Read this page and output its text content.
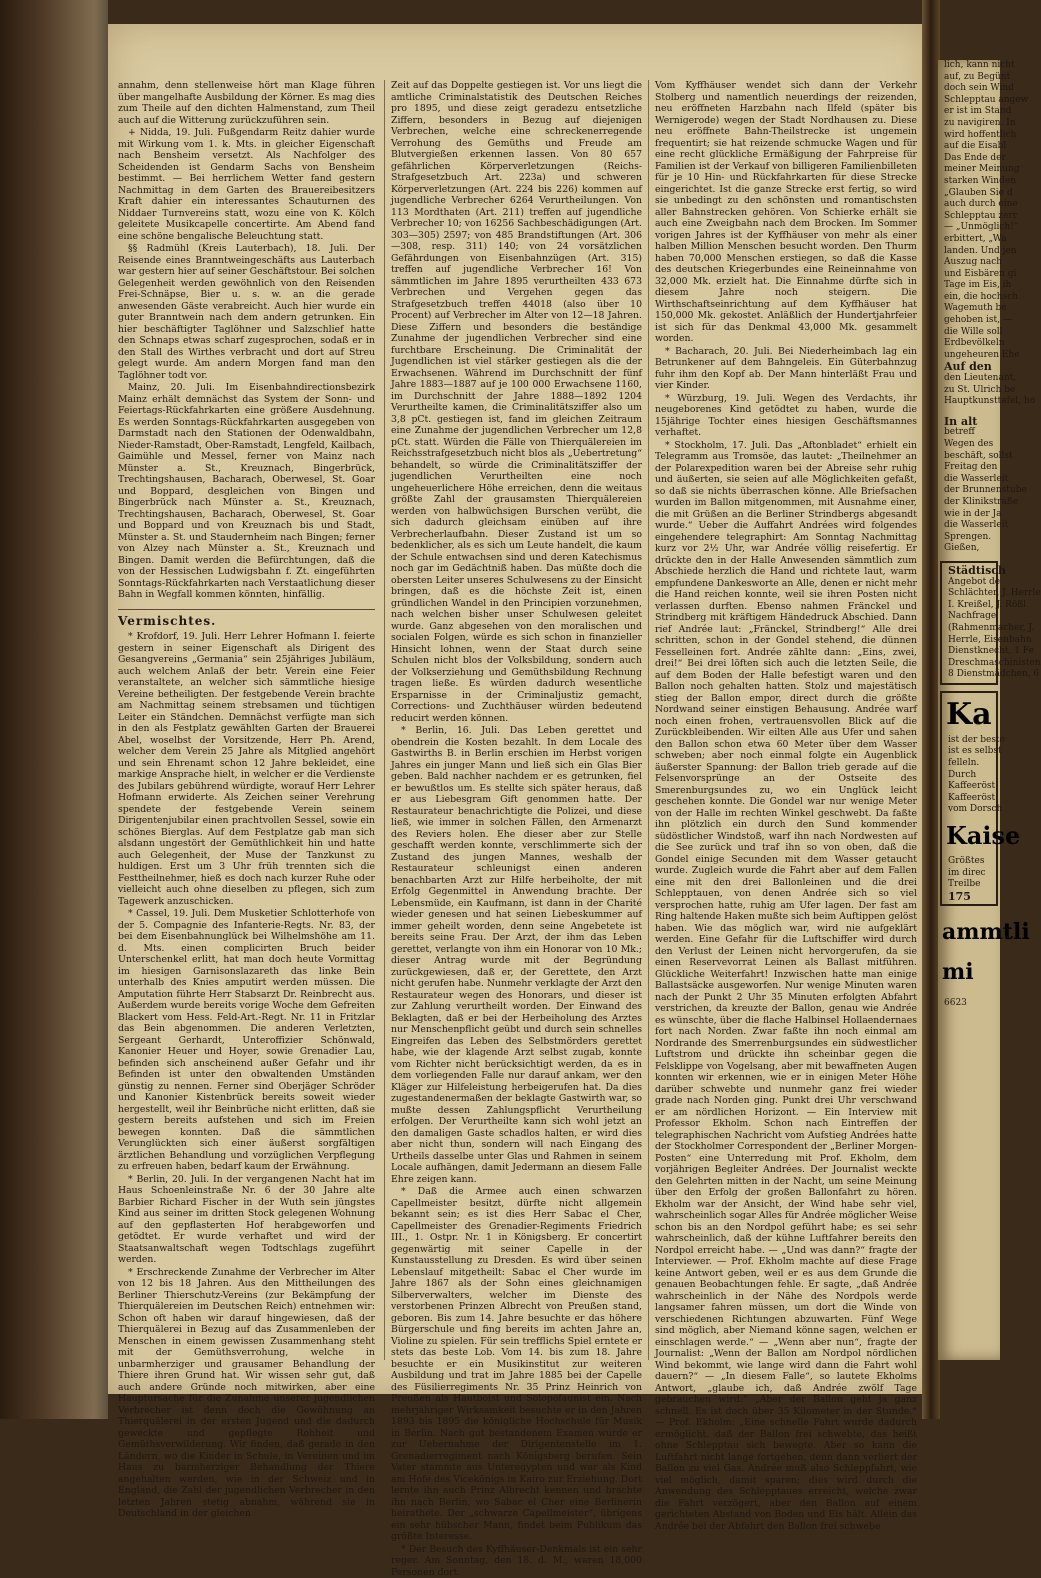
annahm, denn stellenweise hört man Klage führen über mangelhafte Ausbildung der Körner. Es mag dies zum Theile auf den dichten Halmenstand, zum Theil auch auf die Witterung zurückzuführen sein.

+ Nidda, 19. Juli. Fußgendarm Reitz dahier wurde mit Wirkung vom 1. k. Mts. in gleicher Eigenschaft nach Bensheim versetzt. Als Nachfolger des Scheidenden ist Gendarm Sachs von Bensheim bestimmt. — Bei herrlichem Wetter fand gestern Nachmittag in dem Garten des Brauereibesitzers Kraft dahier ein interessantes Schauturnen des Niddaer Turnvereins statt, wozu eine von K. Kölch geleitete Musikcapelle concertirte. Am Abend fand eine schöne bengalische Beleuchtung statt.

§§ Radmühl (Kreis Lauterbach), 18. Juli. Der Reisende eines Branntweingeschäfts aus Lauterbach war gestern hier auf seiner Geschäftstour. Bei solchen Gelegenheit werden gewöhnlich von den Reisenden Frei-Schnäpse, Bier u. s. w. an die gerade anwesenden Gäste verabreicht. Auch hier wurde ein guter Branntwein nach dem andern getrunken. Ein hier beschäftigter Taglöhner und Salzschlief hatte den Schnaps etwas scharf zugesprochen, sodaß er in den Stall des Wirthes verbracht und dort auf Streu gelegt wurde. Am andern Morgen fand man den Taglöhner todt vor.

Mainz, 20. Juli. Im Eisenbahndirectionsbezirk Mainz erhält demnächst das System der Sonn- und Feiertags-Rückfahrkarten eine größere Ausdehnung. Es werden Sonntags-Rückfahrkarten ausgegeben von Darmstadt nach den Stationen der Odenwaldbahn, Nieder-Ramstadt, Ober-Ramstadt, Lengfeld, Kailbach, Gaimühle und Messel, ferner von Mainz nach Münster a. St., Kreuznach, Bingerbrück, Trechtingshausen, Bacharach, Oberwesel, St. Goar und Boppard, desgleichen von Bingen und Bingerbrück nach Münster a. St., Kreuznach, Trechtingshausen, Bacharach, Oberwesel, St. Goar und Boppard und von Kreuznach bis und Stadt, Münster a. St. und Staudernheim nach Bingen; ferner von Alzey nach Münster a. St., Kreuznach und Bingen. Damit werden die Befürchtungen, daß die von der Hessischen Ludwigsbahn f. Zt. eingeführten Sonntags-Rückfahrkarten nach Verstaatlichung dieser Bahn in Wegfall kommen könnten, hinfällig.

Vermischtes.

* Krofdorf, 19. Juli. Herr Lehrer Hofmann I. feierte gestern in seiner Eigenschaft als Dirigent des Gesangvereins „Germania“ sein 25jähriges Jubiläum, auch welchem Anlaß der betr. Verein eine Feier veranstaltete, an welcher sich sämmtliche hiesige Vereine betheiligten. Der festgebende Verein brachte am Nachmittag seinem strebsamen und tüchtigen Leiter ein Ständchen. Demnächst verfügte man sich in den als Festplatz gewählten Garten der Brauerei Abel, woselbst der Vorsitzende, Herr Ph. Arend, welcher dem Verein 25 Jahre als Mitglied angehört und sein Ehrenamt schon 12 Jahre bekleidet, eine markige Ansprache hielt, in welcher er die Verdienste des Jubilars gebührend würdigte, worauf Herr Lehrer Hofmann erwiderte. Als Zeichen seiner Verehrung spendete der festgebende Verein seinem Dirigentenjubilar einen prachtvollen Sessel, sowie ein schönes Bierglas. Auf dem Festplatze gab man sich alsdann ungestört der Gemüthlichkeit hin und hatte auch Gelegenheit, der Muse der Tanzkunst zu huldigen. Erst um 3 Uhr früh trennten sich die Festtheilnehmer, hieß es doch nach kurzer Ruhe oder vielleicht auch ohne dieselben zu pflegen, sich zum Tagewerk anzuschicken.

* Cassel, 19. Juli. Dem Musketier Schlotterhofe von der 5. Compagnie des Infanterie-Regts. Nr. 83, der bei dem Eisenbahnunglück bei Wilhelmshöhe am 11. d. Mts. einen complicirten Bruch beider Unterschenkel erlitt, hat man doch heute Vormittag im hiesigen Garnisonslazareth das linke Bein unterhalb des Knies amputirt werden müssen. Die Amputation führte Herr Stabsarzt Dr. Reinbrecht aus. Außerdem wurde bereits vorige Woche dem Gefreiten Blackert vom Hess. Feld-Art.-Regt. Nr. 11 in Fritzlar das Bein abgenommen. Die anderen Verletzten, Sergeant Gerhardt, Unteroffizier Schönwald, Kanonier Heuer und Hoyer, sowie Grenadier Lau, befinden sich anscheinend außer Gefahr und ihr Befinden ist unter den obwaltenden Umständen günstig zu nennen. Ferner sind Oberjäger Schröder und Kanonier Kistenbrück bereits soweit wieder hergestellt, weil ihr Beinbrüche nicht erlitten, daß sie gestern bereits aufstehen und sich im Freien bewegen konnten. Daß die sämmtlichen Verunglückten sich einer äußerst sorgfältigen ärztlichen Behandlung und vorzüglichen Verpflegung zu erfreuen haben, bedarf kaum der Erwähnung.

* Berlin, 20. Juli. In der vergangenen Nacht hat im Haus Schoenleinstraße Nr. 6 der 30 Jahre alte Barbier Richard Fischer in der Wuth sein jüngstes Kind aus seiner im dritten Stock gelegenen Wohnung auf den gepflasterten Hof herabgeworfen und getödtet. Er wurde verhaftet und wird der Staatsanwaltschaft wegen Todtschlags zugeführt werden.

* Erschreckende Zunahme der Verbrecher im Alter von 12 bis 18 Jahren. Aus den Mittheilungen des Berliner Thierschutz-Vereins (zur Bekämpfung der Thierquälereien im Deutschen Reich) entnehmen wir: Schon oft haben wir darauf hingewiesen, daß der Thierquälerei in Bezug auf das Zusammenleben der Menschen in einem gewissen Zusammenhang steht mit der Gemüthsverrohung, welche in unbarmherziger und grausamer Behandlung der Thiere ihren Grund hat. Wir wissen sehr gut, daß auch andere Gründe noch mitwirken, aber eine Hauptursache für die Zunahme unserer jugendlichen Verbrecher ist denn doch die Gewöhnung an Thierquälerei in der ersten Jugend und die dadurch geweckte und gepflegte Rohheit und Gemüthsverwilderung. Wir finden, daß gerade in den Ländern, wo die Kinder in Schule, in Vereinen und im Haus zu barmherziger Behandlung der Thiere angehalten werden, wie in der Schweiz und in England, die Zahl der jugendlichen Verbrecher in den letzten Jahren stetig abnahm, während sie in Deutschland in der gleichen

Zeit auf das Doppelte gestiegen ist. Vor uns liegt die amtliche Criminalstatistik des Deutschen Reiches pro 1895, und diese zeigt geradezu entsetzliche Ziffern, besonders in Bezug auf diejenigen Verbrechen, welche eine schreckenerregende Verrohung des Gemüths und Freude am Blutvergießen erkennen lassen. Von 80 657 gefährlichen Körperverletzungen (Reichs-Strafgesetzbuch Art. 223a) und schweren Körperverletzungen (Art. 224 bis 226) kommen auf jugendliche Verbrecher 6264 Verurtheilungen. Von 113 Mordthaten (Art. 211) treffen auf jugendliche Verbrecher 10; von 16256 Sachbeschädigungen (Art. 303—305) 2597; von 485 Brandstiftungen (Art. 306—308, resp. 311) 140; von 24 vorsätzlichen Gefährdungen von Eisenbahnzügen (Art. 315) treffen auf jugendliche Verbrecher 16! Von sämmtlichen im Jahre 1895 verurtheilten 433 673 Verbrechen und Vergehen gegen das Strafgesetzbuch treffen 44018 (also über 10 Procent) auf Verbrecher im Alter von 12—18 Jahren. Diese Ziffern und besonders die beständige Zunahme der jugendlichen Verbrecher sind eine furchtbare Erscheinung. Die Criminalität der Jugendlichen ist viel stärker gestiegen als die der Erwachsenen. Während im Durchschnitt der fünf Jahre 1883—1887 auf je 100 000 Erwachsene 1160, im Durchschnitt der Jahre 1888—1892 1204 Verurtheilte kamen, die Criminalitätsziffer also um 3,8 pCt. gestiegen ist, fand im gleichen Zeitraum eine Zunahme der jugendlichen Verbrecher um 12,8 pCt. statt. Würden die Fälle von Thierquälereien im Reichsstrafgesetzbuch nicht blos als „Uebertretung“ behandelt, so würde die Criminalitätsziffer der jugendlichen Verurtheilten eine noch ungeheuerlichere Höhe erreichen, denn die weitaus größte Zahl der grausamsten Thierquälereien werden von halbwüchsigen Burschen verübt, die sich dadurch gleichsam einüben auf ihre Verbrecherlaufbahn. Dieser Zustand ist um so bedenklicher, als es sich um Leute handelt, die kaum der Schule entwachsen sind und deren Katechismus noch gar im Gedächtniß haben. Das müßte doch die obersten Leiter unseres Schulwesens zu der Einsicht bringen, daß es die höchste Zeit ist, einen gründlichen Wandel in den Principien vorzunehmen, nach welchen bisher unser Schulwesen geleitet wurde. Ganz abgesehen von den moralischen und socialen Folgen, würde es sich schon in finanzieller Hinsicht lohnen, wenn der Staat durch seine Schulen nicht blos der Volksbildung, sondern auch der Volkserziehung und Gemüthsbildung Rechnung tragen ließe. Es würden dadurch wesentliche Ersparnisse in der Criminaljustiz gemacht, Corrections- und Zuchthäuser würden bedeutend reducirt werden können.

* Berlin, 16. Juli. Das Leben gerettet und obendrein die Kosten bezahlt. In dem Locale des Gastwirths B. in Berlin erschien im Herbst vorigen Jahres ein junger Mann und ließ sich ein Glas Bier geben. Bald nachher nachdem er es getrunken, fiel er bewußtlos um. Es stellte sich später heraus, daß er aus Liebesgram Gift genommen hatte. Der Restaurateur benachrichtigte die Polizei, und diese ließ, wie immer in solchen Fällen, den Armenarzt des Reviers holen. Ehe dieser aber zur Stelle geschafft werden konnte, verschlimmerte sich der Zustand des jungen Mannes, weshalb der Restaurateur schleunigst einen anderen benachbarten Arzt zur Hilfe herbeiholte, der mit Erfolg Gegenmittel in Anwendung brachte. Der Lebensmüde, ein Kaufmann, ist dann in der Charité wieder genesen und hat seinen Liebeskummer auf immer geheilt worden, denn seine Angebetete ist bereits seine Frau. Der Arzt, der ihm das Leben gerettet, verlangte von ihm ein Honorar von 10 Mk.; dieser Antrag wurde mit der Begründung zurückgewiesen, daß er, der Gerettete, den Arzt nicht gerufen habe. Nunmehr verklagte der Arzt den Restaurateur wegen des Honorars, und dieser ist zur Zahlung verurtheilt worden. Der Einwand des Beklagten, daß er bei der Herbeiholung des Arztes nur Menschenpflicht geübt und durch sein schnelles Eingreifen das Leben des Selbstmörders gerettet habe, wie der klagende Arzt selbst zugab, konnte vom Richter nicht berücksichtigt werden, da es in dem vorliegenden Falle nur darauf ankam, wer den Kläger zur Hilfeleistung herbeigerufen hat. Da dies zugestandenermaßen der beklagte Gastwirth war, so mußte dessen Zahlungspflicht Verurtheilung erfolgen. Der Verurtheilte kann sich wohl jetzt an den damaligen Gaste schadlos halten, er wird dies aber nicht thun, sondern will nach Eingang des Urtheils dasselbe unter Glas und Rahmen in seinem Locale aufhängen, damit Jedermann an diesem Falle Ehre zeigen kann.

* Daß die Armee auch einen schwarzen Capellmeister besitzt, dürfte nicht allgemein bekannt sein; es ist dies Herr Sabac el Cher, Capellmeister des Grenadier-Regiments Friedrich III., 1. Ostpr. Nr. 1 in Königsberg. Er concertirt gegenwärtig mit seiner Capelle in der Kunstausstellung zu Dresden. Es wird über seinen Lebenslauf mitgetheilt: Sabac el Cher wurde im Jahre 1867 als der Sohn eines gleichnamigen Silberverwalters, welcher im Dienste des verstorbenen Prinzen Albrecht von Preußen stand, geboren. Bis zum 14. Jahre besuchte er das höhere Bürgerschule und fing bereits im achten Jahre an, Violine zu spielen. Für sein trefflichs Spiel erntete er stets das beste Lob. Vom 14. bis zum 18. Jahre besuchte er ein Musikinstitut zur weiteren Ausbildung und trat im Jahre 1885 bei der Capelle des Füsilierregiments Nr. 35 Prinz Heinrich von Preußen als Hautboist und Solopofaunist ein. Nach mehrjähriger Wirksamkeit besuchte er in den Jahren 1893 bis 1895 die königliche Hochschule für Musik in Berlin. Nach gut bestandenem Examen wurde er zur Uebernahme der Dirigentenstelle im 1. Grenadierregiment nach Königsberg berufen. Sein Vater stammte aus Unteregypten und war als Kind am Hofe des Vicekönigs in Kairo zur Erziehung. Dort lernte ihn auch Prinz Albrecht kennen und brachte ihn nach Berlin, wo Sabac el Cher eine Berlinerin heirathete. Der „schwarze Capellmeister“, übrigens ein sehr hübscher Mann, findet beim Publikum das größte Interesse.

* Der Besuch des Kyffhäuser-Denkmals ist ein sehr reger. Am Sonntag, den 18. d. M., waren 18,000 Personen dort.

Vom Kyffhäuser wendet sich dann der Verkehr Stolberg und namentlich neuerdings der reizenden, neu eröffneten Harzbahn nach Ilfeld (später bis Wernigerode) wegen der Stadt Nordhausen zu. Diese neu eröffnete Bahn-Theilstrecke ist ungemein frequentirt; sie hat reizende schmucke Wagen und für eine recht glückliche Ermäßigung der Fahrpreise für Familien ist der Verkauf von billigeren Familienbilleten für je 10 Hin- und Rückfahrkarten für diese Strecke eingerichtet. Ist die ganze Strecke erst fertig, so wird sie unbedingt zu den schönsten und romantischsten aller Bahnstrecken gehören. Von Schierke erhält sie auch eine Zweigbahn nach dem Brocken. Im Sommer vorigen Jahres ist der Kyffhäuser von mehr als einer halben Million Menschen besucht worden. Den Thurm haben 70,000 Menschen erstiegen, so daß die Kasse des deutschen Kriegerbundes eine Reineinnahme von 32,000 Mk. erzielt hat. Die Einnahme dürfte sich in diesem Jahre noch steigern. Die Wirthschaftseinrichtung auf dem Kyffhäuser hat 150,000 Mk. gekostet. Anläßlich der Hundertjahrfeier ist sich für das Denkmal 43,000 Mk. gesammelt worden.

* Bacharach, 20. Juli. Bei Niederheimbach lag ein Betrunkener auf dem Bahngeleis. Ein Güterbahnzug fuhr ihm den Kopf ab. Der Mann hinterläßt Frau und vier Kinder.

* Würzburg, 19. Juli. Wegen des Verdachts, ihr neugeborenes Kind getödtet zu haben, wurde die 15jährige Tochter eines hiesigen Geschäftsmannes verhaftet.

* Stockholm, 17. Juli. Das „Aftonbladet“ erhielt ein Telegramm aus Tromsöe, das lautet: „Theilnehmer an der Polarexpedition waren bei der Abreise sehr ruhig und äußerten, sie seien auf alle Möglichkeiten gefaßt, so daß sie nichts überraschen könne. Alle Briefsachen wurden im Ballon mitgenommen, mit Ausnahme einer, die mit Grüßen an die Berliner Strindbergs abgesandt wurde.“ Ueber die Auffahrt Andrées wird folgendes eingehendere telegraphirt: Am Sonntag Nachmittag kurz vor 2½ Uhr, war Andrée völlig reisefertig. Er drückte den in der Halle Anwesenden sämmtlich zum Abschiede herzlich die Hand und richtete laut, warm empfundene Dankesworte an Alle, denen er nicht mehr die Hand reichen konnte, weil sie ihren Posten nicht verlassen durften. Ebenso nahmen Fränckel und Strindberg mit kräftigem Händedruck Abschied. Dann rief Andrée laut: „Fränckel, Strindberg!“ Alle drei schritten, schon in der Gondel stehend, die dünnen Fesselleinen fort. Andrée zählte dann: „Eins, zwei, drei!“ Bei drei löften sich auch die letzten Seile, die auf dem Boden der Halle befestigt waren und den Ballon noch gehalten hatten. Stolz und majestätisch stieg der Ballon empor, direct durch die größte Nordwand seiner einstigen Behausung. Andrée warf noch einen frohen, vertrauensvollen Blick auf die Zurückbleibenden. Wir eilten Alle aus Ufer und sahen den Ballon schon etwa 60 Meter über dem Wasser schweben; aber noch einmal folgte ein Augenblick äußerster Spannung: der Ballon trieb gerade auf die Felsenvorsprünge an der Ostseite des Smerenburgsundes zu, wo ein Unglück leicht geschehen konnte. Die Gondel war nur wenige Meter von der Halle im rechten Winkel geschwebt. Da faßte ihn plötzlich ein durch den Sund kommender südöstlicher Windstoß, warf ihn nach Nordwesten auf die See zurück und traf ihn so von oben, daß die Gondel einige Secunden mit dem Wasser getaucht wurde. Zugleich wurde die Fahrt aber auf dem Fallen eine mit den drei Ballonleinen und die drei Schlepptauen, von denen Andrée sich so viel versprochen hatte, ruhig am Ufer lagen. Der fast am Ring haltende Haken mußte sich beim Auftippen gelöst haben. Wie das möglich war, wird nie aufgeklärt werden. Eine Gefahr für die Luftschiffer wird durch den Verlust der Leinen nicht hervorgerufen, da sie einen Reservevorrat Leinen als Ballast mitführen. Glückliche Weiterfahrt! Inzwischen hatte man einige Ballastsäcke ausgeworfen. Nur wenige Minuten waren nach der Punkt 2 Uhr 35 Minuten erfolgten Abfahrt verstrichen, da kreuzte der Ballon, genau wie Andrée es wünschte, über die flache Halbinsel Hollaendernaes fort nach Norden. Zwar faßte ihn noch einmal am Nordrande des Smerrenburgsundes ein südwestlicher Luftstrom und drückte ihn scheinbar gegen die Felsklippe von Vogelsang, aber mit bewaffneten Augen konnten wir erkennen, wie er in einigen Meter Höhe darüber schwebte und nunmehr ganz frei wieder grade nach Norden ging. Punkt drei Uhr verschwand er am nördlichen Horizont. — Ein Interview mit Professor Ekholm. Schon nach Eintreffen der telegraphischen Nachricht vom Aufstieg Andrées hatte der Stockholmer Correspondent der „Berliner Morgen-Posten“ eine Unterredung mit Prof. Ekholm, dem vorjährigen Begleiter Andrées. Der Journalist weckte den Gelehrten mitten in der Nacht, um seine Meinung über den Erfolg der großen Ballonfahrt zu hören. Ekholm war der Ansicht, der Wind habe sehr viel, wahrscheinlich sogar Alles für Andrée möglicher Weise schon bis an den Nordpol geführt habe; es sei sehr wahrscheinlich, daß der kühne Luftfahrer bereits den Nordpol erreicht habe. — „Und was dann?“ fragte der Interviewer. — Prof. Ekholm machte auf diese Frage keine Antwort geben, weil er es aus dem Grunde die genauen Beobachtungen fehle. Er sagte, „daß Andrée wahrscheinlich in der Nähe des Nordpols werde langsamer fahren müssen, um dort die Winde von verschiedenen Richtungen abzuwarten. Fünf Wege sind möglich, aber Niemand könne sagen, welchen er einschlagen werde.“ — „Wenn aber nun“, fragte der Journalist: „Wenn der Ballon am Nordpol nördlichen Wind bekommt, wie lange wird dann die Fahrt wohl dauern?“ — „In diesem Falle“, so lautete Ekholms Antwort, „glaube ich, daß Andrée zwölf Tage gebrauchen wird.“ „Aber der Ballon geht ja ganz schnell. Es ist doch über 35 Kilometer in der Stunde.“ — Prof. Ekholm: „Eine schnelle Fahrt wurde dadurch ermöglicht, daß der Ballon frei schwebte, das heißt ohne Schlepptau sich bewegte. Aber so kann die Luftfahrt nicht lange fortgehen, denn dann verliert der Ballon zu viel Gas. Andrée muß also Schleppfahrt, wie viel möglich, damit sparen; dies wird durch die Anwendung des Schlepptaues erreicht, welche zwar die Fahrt verzögert, aber den Ballon auf einem gerichteten Abstand von Boden und Eis hält. Allein das Andrée bei der Abfahrt den Ballon frei schwebe

lich, kann nicht
auf, zu Begünt
doch sein Wind
Schlepptau angew
er ist im Stand
zu navigiren. In
wird hoffentlich
auf die Eisabl
Das Ende der
meiner Meinung
starken Winden
„Glauben Sie d
auch durch eine
Schlepptau zerr
— „Unmöglich!“
erbittert, „Wa
landen. Und jen
Auszug nach
und Eisbären gi
Tage im Eis, ih
ein, die hochsch
Wagemuth be
gehoben ist, —
die Wille soll
Erdbevölkeln
ungeheuren Ehe
Auf den
den Lieutenant,
zu St. Ulrich be
Hauptkunsttafel, ho
In alt
betreff
Wegen des
beschäft, sollst
Freitag den
die Wasserleit
der Brunnenstube
der Klinikstraße
wie in der Ja
die Wasserleit
Sprengen.
Gießen,
Städtisch
Angebot de
Schlächter, J. Herrle
I. Kreißel, J. Rößl
Nachfrage
(Rahmenmacher, J.
Herrle, Eisenbahn
Dienstknecht, 1 Fe
Dreschmaschinisten
8 Dienstmädchen, 6
Ka
ist der beste
ist es selbst
felleln.
Durch
Kaffeeröst
Kaffeeröst
vom Dorsch
Kaise
Größtes
im direc
Treilbe
175
ammtli
mi
6623
